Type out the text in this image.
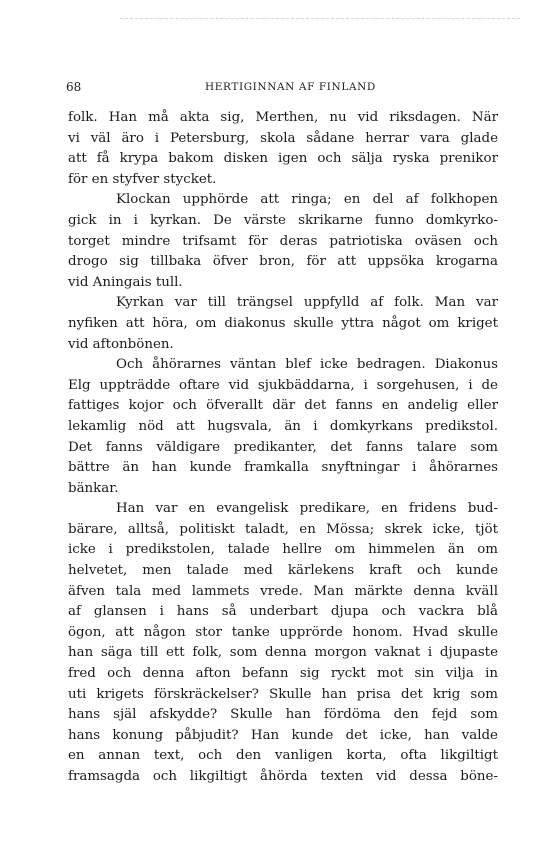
68	HERTIGINNAN AF FINLAND
folk. Han må akta sig, Merthen, nu vid riksdagen. När
vi väl äro i Petersburg, skola sådane herrar vara glade
att få krypa bakom disken igen och sälja ryska prenikor
för en styfver stycket.
Klockan upphörde att ringa; en del af folkhopen
gick in i kyrkan. De värste skrikarne funno domkyrko-
torget mindre trifsamt för deras patriotiska oväsen och
drogo sig tillbaka öfver bron, för att uppsöka krogarna
vid Aningais tull.
Kyrkan var till trängsel uppfylld af folk. Man var
nyfiken att höra, om diakonus skulle yttra något om kriget
vid aftonbönen.
Och åhörarnes väntan blef icke bedragen. Diakonus
Elg uppträdde oftare vid sjukbäddarna, i sorgehusen, i de
fattiges kojor och öfverallt där det fanns en andelig eller
lekamlig nöd att hugsvala, än i domkyrkans predikstol.
Det fanns väldigare predikanter, det fanns talare som
bättre än han kunde framkalla snyftningar i åhörarnes
bänkar.
Han var en evangelisk predikare, en fridens bud-
bärare, alltså, politiskt taladt, en Mössa; skrek icke, tjöt
icke i predikstolen, talade hellre om himmelen än om
helvetet, men talade med kärlekens kraft och kunde
äfven tala med lammets vrede. Man märkte denna kväll
af glansen i hans så underbart djupa och vackra blå
ögon, att någon stor tanke upprörde honom. Hvad skulle
han säga till ett folk, som denna morgon vaknat i djupaste
fred och denna afton befann sig ryckt mot sin vilja in
uti krigets förskräckelser? Skulle han prisa det krig som
hans själ afskydde? Skulle han fördöma den fejd som
hans konung påbjudit? Han kunde det icke, han valde
en annan text, och den vanligen korta, ofta likgiltigt
framsagda och likgiltigt åhörda texten vid dessa böne-
